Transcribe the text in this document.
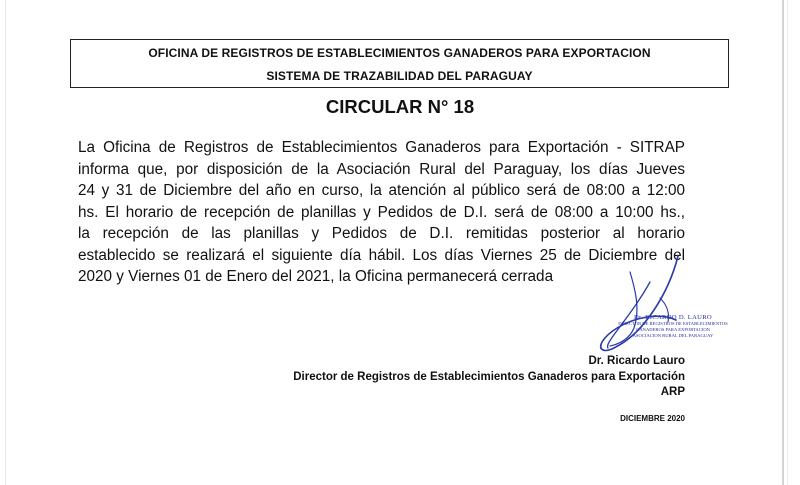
OFICINA DE REGISTROS DE ESTABLECIMIENTOS GANADEROS PARA EXPORTACION
SISTEMA DE TRAZABILIDAD DEL PARAGUAY
CIRCULAR N° 18
La Oficina de Registros de Establecimientos Ganaderos para Exportación - SITRAP
informa que, por disposición de la Asociación Rural del Paraguay, los días Jueves
24 y 31 de Diciembre del año en curso, la atención al público será de 08:00 a 12:00
hs. El horario de recepción de planillas y Pedidos de D.I. será de 08:00 a 10:00 hs.,
la recepción de las planillas y Pedidos de D.I. remitidas posterior al horario
establecido se realizará el siguiente día hábil. Los días Viernes 25 de Diciembre del
2020 y Viernes 01 de Enero del 2021, la Oficina permanecerá cerrada
Dr. RICARDO D. LAURO
DIRECTOR DE REGISTROS DE ESTABLECIMIENTOS
GANADEROS PARA EXPORTACION
ASOCIACION RURAL DEL PARAGUAY
Dr. Ricardo Lauro
Director de Registros de Establecimientos Ganaderos para Exportación
ARP
DICIEMBRE 2020
